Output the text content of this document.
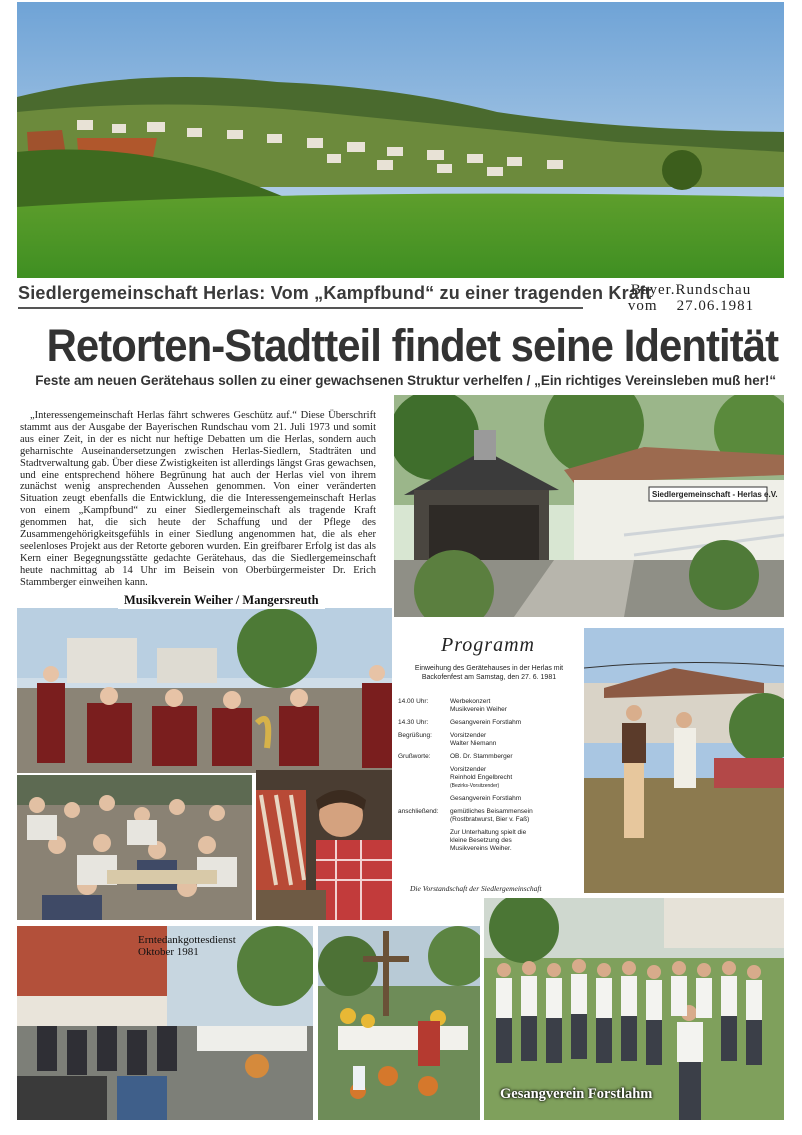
Siedlergemeinschaft Herlas: Vom „Kampfbund“ zu einer tragenden Kraft
Bayer.Rundschau
vom    27.06.1981
Retorten-Stadtteil findet seine Identität
Feste am neuen Gerätehaus sollen zu einer gewachsenen Struktur verhelfen / „Ein richtiges Vereinsleben muß her!“
„Interessengemeinschaft Herlas fährt schweres Geschütz auf.“ Diese Überschrift stammt aus der Ausgabe der Bayerischen Rundschau vom 21. Juli 1973 und somit aus einer Zeit, in der es nicht nur heftige Debatten um die Herlas, sondern auch geharnischte Auseinandersetzungen zwischen Herlas-Siedlern, Stadträten und Stadtverwaltung gab. Über diese Zwistigkeiten ist allerdings längst Gras gewachsen, und eine entsprechend höhere Begrünung hat auch der Herlas viel von ihrem zunächst wenig ansprechenden Aussehen genommen. Von einer veränderten Situation zeugt ebenfalls die Entwicklung, die die Interessengemeinschaft Herlas von einem „Kampfbund“ zu einer Siedlergemeinschaft als tragende Kraft genommen hat, die sich heute der Schaffung und der Pflege des Zusammengehörigkeitsgefühls in einer Siedlung angenommen hat, die als eher seelenloses Projekt aus der Retorte geboren wurden. Ein greifbarer Erfolg ist das als Kern einer Begegnungsstätte gedachte Gerätehaus, das die Siedlergemeinschaft heute nachmittag ab 14 Uhr im Beisein von Oberbürgermeister Dr. Erich Stammberger einweihen kann.
Siedlergemeinschaft - Herlas e.V.
Musikverein Weiher / Mangersreuth
Programm
Einweihung des Gerätehauses in der Herlas mit Backofenfest am Samstag, den 27. 6. 1981
14.00 Uhr:	Werbekonzert
Musikverein Weiher

14.30 Uhr:	Gesangverein Forstlahm

Begrüßung:	Vorsitzender
Walter Niemann

Grußworte:	OB. Dr. Stammberger

	Vorsitzender
Reinhold Engelbrecht
(Bezirks-Vorsitzender)

	Gesangverein Forstlahm

anschließend:	gemütliches Beisammensein
(Rostbratwurst, Bier v. Faß)

	Zur Unterhaltung spielt die
kleine Besetzung des
Musikvereins Weiher.
Die Vorstandschaft der Siedlergemeinschaft
Erntedankgottesdienst
Oktober 1981
Gesangverein Forstlahm
